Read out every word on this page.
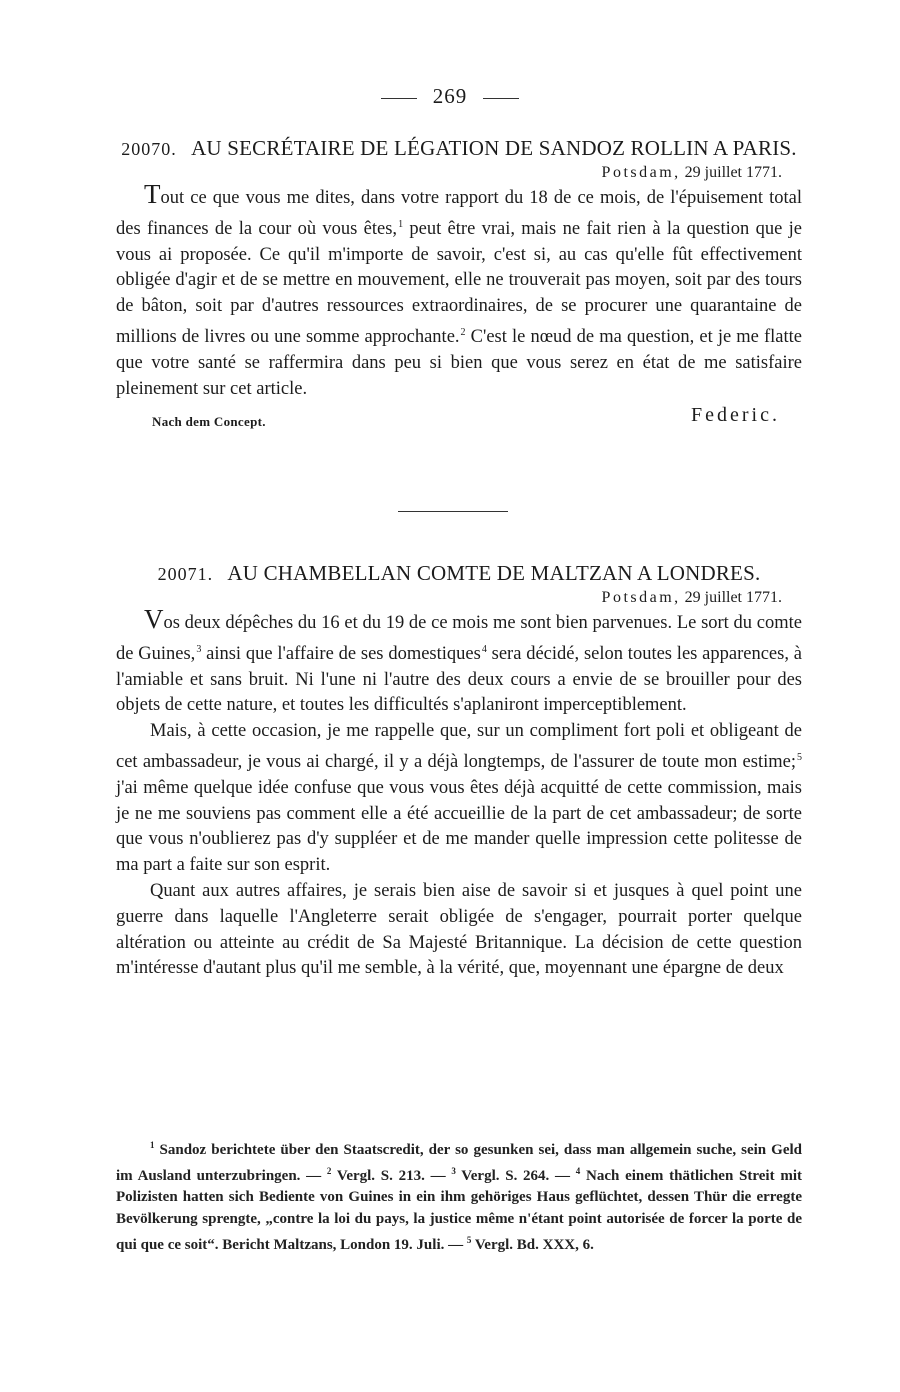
269
20070. AU SECRÉTAIRE DE LÉGATION DE SANDOZ ROLLIN A PARIS.
Potsdam, 29 juillet 1771.

Tout ce que vous me dites, dans votre rapport du 18 de ce mois, de l'épuisement total des finances de la cour où vous êtes,$^1$ peut être vrai, mais ne fait rien à la question que je vous ai proposée. Ce qu'il m'importe de savoir, c'est si, au cas qu'elle fût effectivement obligée d'agir et de se mettre en mouvement, elle ne trouverait pas moyen, soit par des tours de bâton, soit par d'autres ressources extraordinaires, de se procurer une quarantaine de millions de livres ou une somme approchante.$^2$ C'est le nœud de ma question, et je me flatte que votre santé se raffermira dans peu si bien que vous serez en état de me satisfaire pleinement sur cet article.

Nach dem Concept.	Federic.
20071. AU CHAMBELLAN COMTE DE MALTZAN A LONDRES.
Potsdam, 29 juillet 1771.

Vos deux dépêches du 16 et du 19 de ce mois me sont bien parvenues. Le sort du comte de Guines,$^3$ ainsi que l'affaire de ses domestiques$^4$ sera décidé, selon toutes les apparences, à l'amiable et sans bruit. Ni l'une ni l'autre des deux cours a envie de se brouiller pour des objets de cette nature, et toutes les difficultés s'aplaniront imperceptiblement.

Mais, à cette occasion, je me rappelle que, sur un compliment fort poli et obligeant de cet ambassadeur, je vous ai chargé, il y a déjà longtemps, de l'assurer de toute mon estime;$^5$ j'ai même quelque idée confuse que vous vous êtes déjà acquitté de cette commission, mais je ne me souviens pas comment elle a été accueillie de la part de cet ambassadeur; de sorte que vous n'oublierez pas d'y suppléer et de me mander quelle impression cette politesse de ma part a faite sur son esprit.

Quant aux autres affaires, je serais bien aise de savoir si et jusques à quel point une guerre dans laquelle l'Angleterre serait obligée de s'engager, pourrait porter quelque altération ou atteinte au crédit de Sa Majesté Britannique. La décision de cette question m'intéresse d'autant plus qu'il me semble, à la vérité, que, moyennant une épargne de deux

$^1$ Sandoz berichtete über den Staatscredit, der so gesunken sei, dass man allgemein suche, sein Geld im Ausland unterzubringen. — $^2$ Vergl. S. 213. — $^3$ Vergl. S. 264. — $^4$ Nach einem thätlichen Streit mit Polizisten hatten sich Bediente von Guines in ein ihm gehöriges Haus geflüchtet, dessen Thür die erregte Bevölkerung sprengte, „contre la loi du pays, la justice même n'étant point autorisée de forcer la porte de qui que ce soit“. Bericht Maltzans, London 19. Juli. — $^5$ Vergl. Bd. XXX, 6.
